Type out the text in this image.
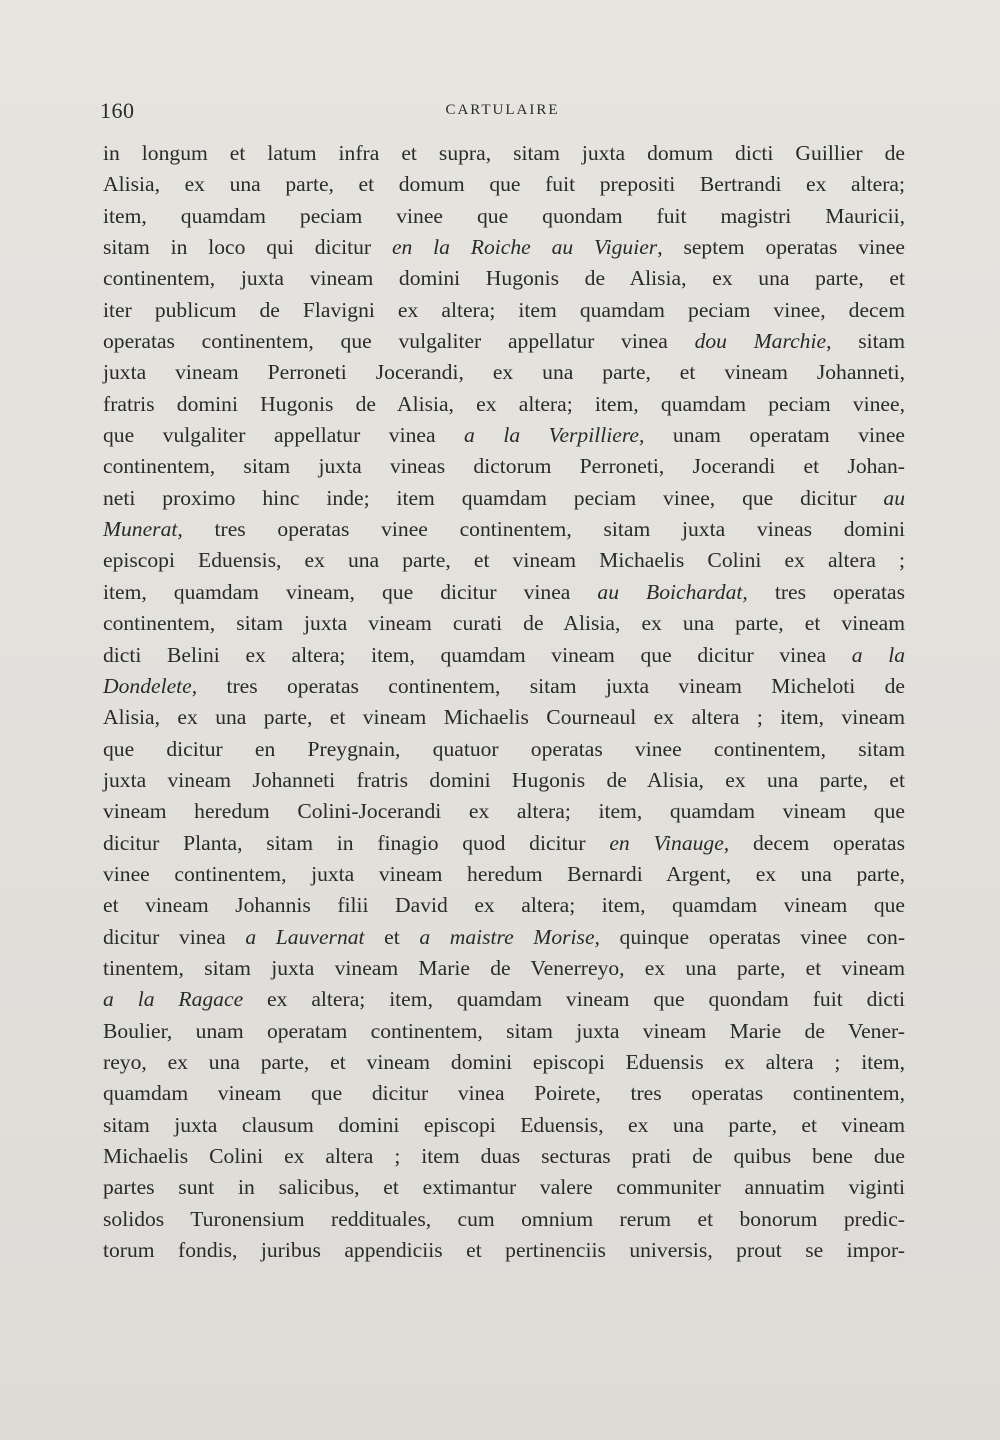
160	CARTULAIRE
in longum et latum infra et supra, sitam juxta domum dicti Guillier de
Alisia, ex una parte, et domum que fuit prepositi Bertrandi ex altera;
item, quamdam peciam vinee que quondam fuit magistri Mauricii,
sitam in loco qui dicitur en la Roiche au Viguier, septem operatas vinee
continentem, juxta vineam domini Hugonis de Alisia, ex una parte, et
iter publicum de Flavigni ex altera; item quamdam peciam vinee, decem
operatas continentem, que vulgaliter appellatur vinea dou Marchie, sitam
juxta vineam Perroneti Jocerandi, ex una parte, et vineam Johanneti,
fratris domini Hugonis de Alisia, ex altera; item, quamdam peciam vinee,
que vulgaliter appellatur vinea a la Verpilliere, unam operatam vinee
continentem, sitam juxta vineas dictorum Perroneti, Jocerandi et Johan-
neti proximo hinc inde; item quamdam peciam vinee, que dicitur au
Munerat, tres operatas vinee continentem, sitam juxta vineas domini
episcopi Eduensis, ex una parte, et vineam Michaelis Colini ex altera ;
item, quamdam vineam, que dicitur vinea au Boichardat, tres operatas
continentem, sitam juxta vineam curati de Alisia, ex una parte, et vineam
dicti Belini ex altera; item, quamdam vineam que dicitur vinea a la
Dondelete, tres operatas continentem, sitam juxta vineam Micheloti de
Alisia, ex una parte, et vineam Michaelis Courneaul ex altera ; item, vineam
que dicitur en Preygnain, quatuor operatas vinee continentem, sitam
juxta vineam Johanneti fratris domini Hugonis de Alisia, ex una parte, et
vineam heredum Colini-Jocerandi ex altera; item, quamdam vineam que
dicitur Planta, sitam in finagio quod dicitur en Vinauge, decem operatas
vinee continentem, juxta vineam heredum Bernardi Argent, ex una parte,
et vineam Johannis filii David ex altera; item, quamdam vineam que
dicitur vinea a Lauvernat et a maistre Morise, quinque operatas vinee con-
tinentem, sitam juxta vineam Marie de Venerreyo, ex una parte, et vineam
a la Ragace ex altera; item, quamdam vineam que quondam fuit dicti
Boulier, unam operatam continentem, sitam juxta vineam Marie de Vener-
reyo, ex una parte, et vineam domini episcopi Eduensis ex altera ; item,
quamdam vineam que dicitur vinea Poirete, tres operatas continentem,
sitam juxta clausum domini episcopi Eduensis, ex una parte, et vineam
Michaelis Colini ex altera ; item duas secturas prati de quibus bene due
partes sunt in salicibus, et extimantur valere communiter annuatim viginti
solidos Turonensium reddituales, cum omnium rerum et bonorum predic-
torum fondis, juribus appendiciis et pertinenciis universis, prout se impor-
